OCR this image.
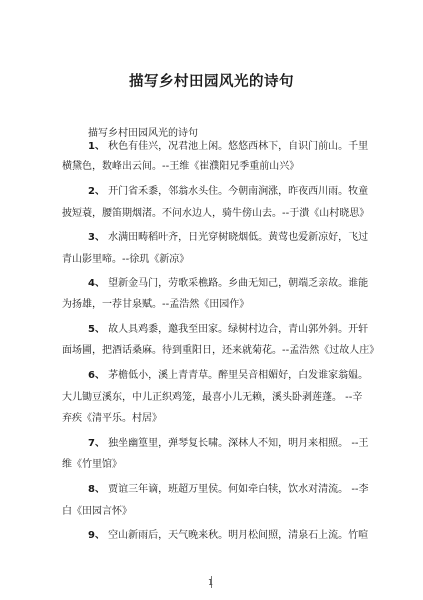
描写乡村田园风光的诗句
描写乡村田园风光的诗句
1、 秋色有佳兴，况君池上闲。悠悠西林下，自识门前山。千里
横黛色，数峰出云间。--王维《崔濮阳兄季重前山兴》
2、 开门省禾黍，邻翁水头住。今朝南涧涨，昨夜西川雨。牧童
披短蓑，腰笛期烟渚。不问水边人，骑牛傍山去。--于潰《山村晓思》
3、 水满田畴稻叶齐，日光穿树晓烟低。黄莺也爱新凉好，飞过
青山影里啼。--徐玑《新凉》
4、 望新金马门，劳歌采樵路。乡曲无知己，朝端乏亲故。谁能
为扬雄，一荐甘泉赋。--孟浩然《田园作》
5、 故人具鸡黍，邀我至田家。绿树村边合，青山郭外斜。开轩
面场圃，把酒话桑麻。待到重阳日，还来就菊花。--孟浩然《过故人庄》
6、 茅檐低小，溪上青青草。醉里吴音相媚好，白发谁家翁媪。
大儿锄豆溪东，中儿正织鸡笼，最喜小儿无赖，溪头卧剥莲蓬。 --辛
弃疾《清平乐。村居》
7、 独坐幽篁里，弹琴复长啸。深林人不知，明月来相照。 --王
维《竹里馆》
8、 贾谊三年谪，班超万里侯。何如牵白犊，饮水对清流。 --李
白《田园言怀》
9、 空山新雨后，天气晚来秋。明月松间照，清泉石上流。竹喧
1
